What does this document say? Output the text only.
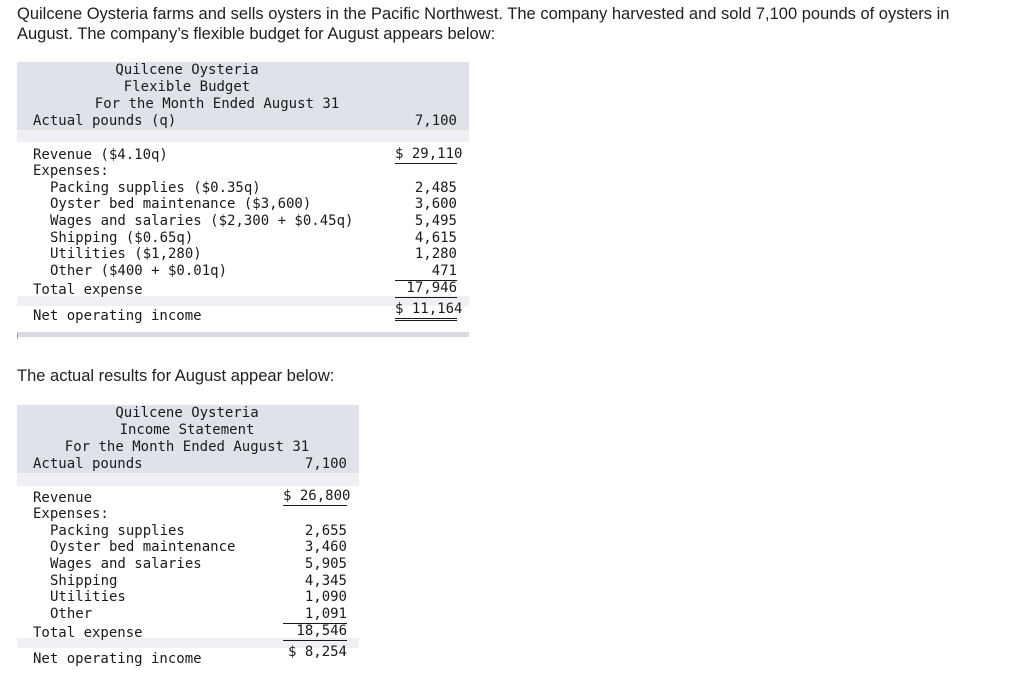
Quilcene Oysteria farms and sells oysters in the Pacific Northwest. The company harvested and sold 7,100 pounds of oysters in August. The company’s flexible budget for August appears below:

Quilcene Oysteria
Flexible Budget
For the Month Ended August 31
Actual pounds (q)	7,100
Revenue ($4.10q)	$ 29,110
Expenses:
Packing supplies ($0.35q)	2,485
Oyster bed maintenance ($3,600)	3,600
Wages and salaries ($2,300 + $0.45q)	5,495
Shipping ($0.65q)	4,615
Utilities ($1,280)	1,280
Other ($400 + $0.01q)	471
Total expense	17,946
Net operating income	$ 11,164

The actual results for August appear below:

Quilcene Oysteria
Income Statement
For the Month Ended August 31
Actual pounds	7,100
Revenue	$ 26,800
Expenses:
Packing supplies	2,655
Oyster bed maintenance	3,460
Wages and salaries	5,905
Shipping	4,345
Utilities	1,090
Other	1,091
Total expense	18,546
Net operating income	$ 8,254
